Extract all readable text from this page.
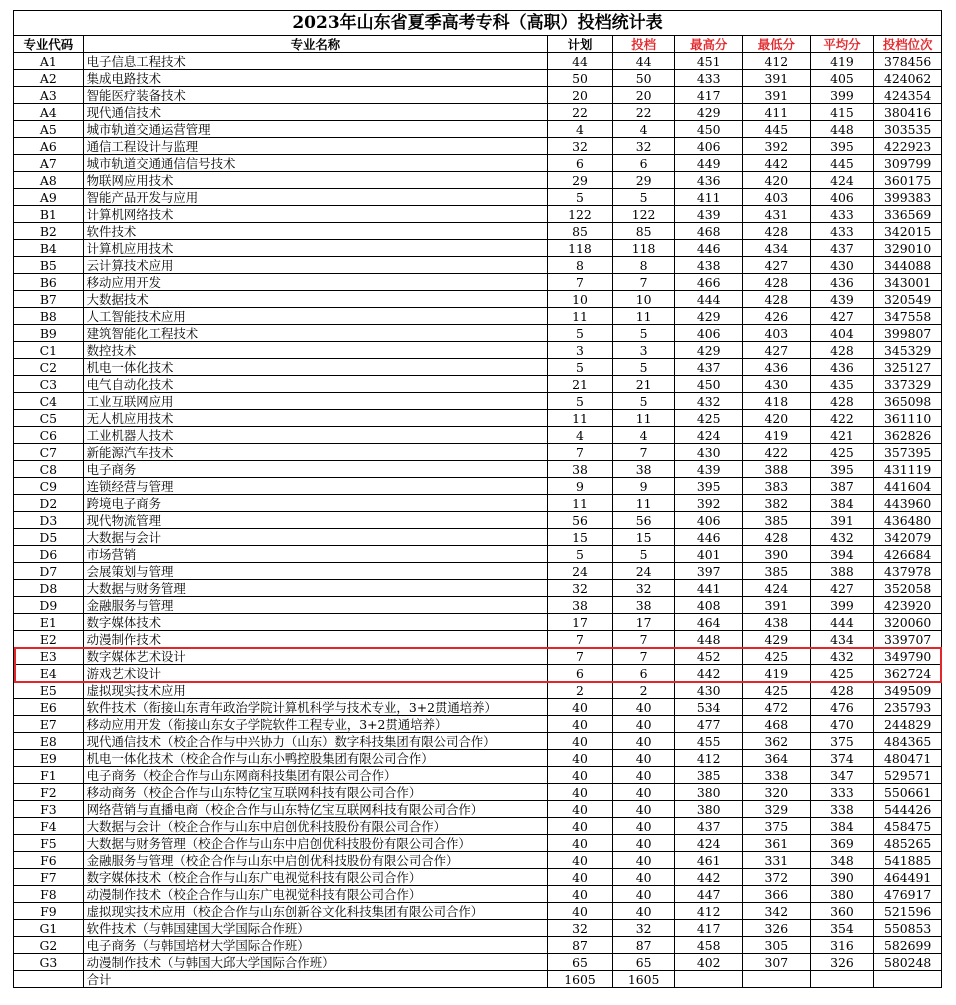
2023年山东省夏季高考专科（高职）投档统计表
专业代码	专业名称	计划	投档	最高分	最低分	平均分	投档位次
A1	电子信息工程技术	44	44	451	412	419	378456
A2	集成电路技术	50	50	433	391	405	424062
A3	智能医疗装备技术	20	20	417	391	399	424354
A4	现代通信技术	22	22	429	411	415	380416
A5	城市轨道交通运营管理	4	4	450	445	448	303535
A6	通信工程设计与监理	32	32	406	392	395	422923
A7	城市轨道交通通信信号技术	6	6	449	442	445	309799
A8	物联网应用技术	29	29	436	420	424	360175
A9	智能产品开发与应用	5	5	411	403	406	399383
B1	计算机网络技术	122	122	439	431	433	336569
B2	软件技术	85	85	468	428	433	342015
B4	计算机应用技术	118	118	446	434	437	329010
B5	云计算技术应用	8	8	438	427	430	344088
B6	移动应用开发	7	7	466	428	436	343001
B7	大数据技术	10	10	444	428	439	320549
B8	人工智能技术应用	11	11	429	426	427	347558
B9	建筑智能化工程技术	5	5	406	403	404	399807
C1	数控技术	3	3	429	427	428	345329
C2	机电一体化技术	5	5	437	436	436	325127
C3	电气自动化技术	21	21	450	430	435	337329
C4	工业互联网应用	5	5	432	418	428	365098
C5	无人机应用技术	11	11	425	420	422	361110
C6	工业机器人技术	4	4	424	419	421	362826
C7	新能源汽车技术	7	7	430	422	425	357395
C8	电子商务	38	38	439	388	395	431119
C9	连锁经营与管理	9	9	395	383	387	441604
D2	跨境电子商务	11	11	392	382	384	443960
D3	现代物流管理	56	56	406	385	391	436480
D5	大数据与会计	15	15	446	428	432	342079
D6	市场营销	5	5	401	390	394	426684
D7	会展策划与管理	24	24	397	385	388	437978
D8	大数据与财务管理	32	32	441	424	427	352058
D9	金融服务与管理	38	38	408	391	399	423920
E1	数字媒体技术	17	17	464	438	444	320060
E2	动漫制作技术	7	7	448	429	434	339707
E3	数字媒体艺术设计	7	7	452	425	432	349790
E4	游戏艺术设计	6	6	442	419	425	362724
E5	虚拟现实技术应用	2	2	430	425	428	349509
E6	软件技术（衔接山东青年政治学院计算机科学与技术专业，3+2贯通培养）	40	40	534	472	476	235793
E7	移动应用开发（衔接山东女子学院软件工程专业，3+2贯通培养）	40	40	477	468	470	244829
E8	现代通信技术（校企合作与中兴协力（山东）数字科技集团有限公司合作）	40	40	455	362	375	484365
E9	机电一体化技术（校企合作与山东小鸭控股集团有限公司合作）	40	40	412	364	374	480471
F1	电子商务（校企合作与山东网商科技集团有限公司合作）	40	40	385	338	347	529571
F2	移动商务（校企合作与山东特亿宝互联网科技有限公司合作）	40	40	380	320	333	550661
F3	网络营销与直播电商（校企合作与山东特亿宝互联网科技有限公司合作）	40	40	380	329	338	544426
F4	大数据与会计（校企合作与山东中启创优科技股份有限公司合作）	40	40	437	375	384	458475
F5	大数据与财务管理（校企合作与山东中启创优科技股份有限公司合作）	40	40	424	361	369	485265
F6	金融服务与管理（校企合作与山东中启创优科技股份有限公司合作）	40	40	461	331	348	541885
F7	数字媒体技术（校企合作与山东广电视觉科技有限公司合作）	40	40	442	372	390	464491
F8	动漫制作技术（校企合作与山东广电视觉科技有限公司合作）	40	40	447	366	380	476917
F9	虚拟现实技术应用（校企合作与山东创新谷文化科技集团有限公司合作）	40	40	412	342	360	521596
G1	软件技术（与韩国建国大学国际合作班）	32	32	417	326	354	550853
G2	电子商务（与韩国培材大学国际合作班）	87	87	458	305	316	582699
G3	动漫制作技术（与韩国大邱大学国际合作班）	65	65	402	307	326	580248
	合计	1605	1605				
